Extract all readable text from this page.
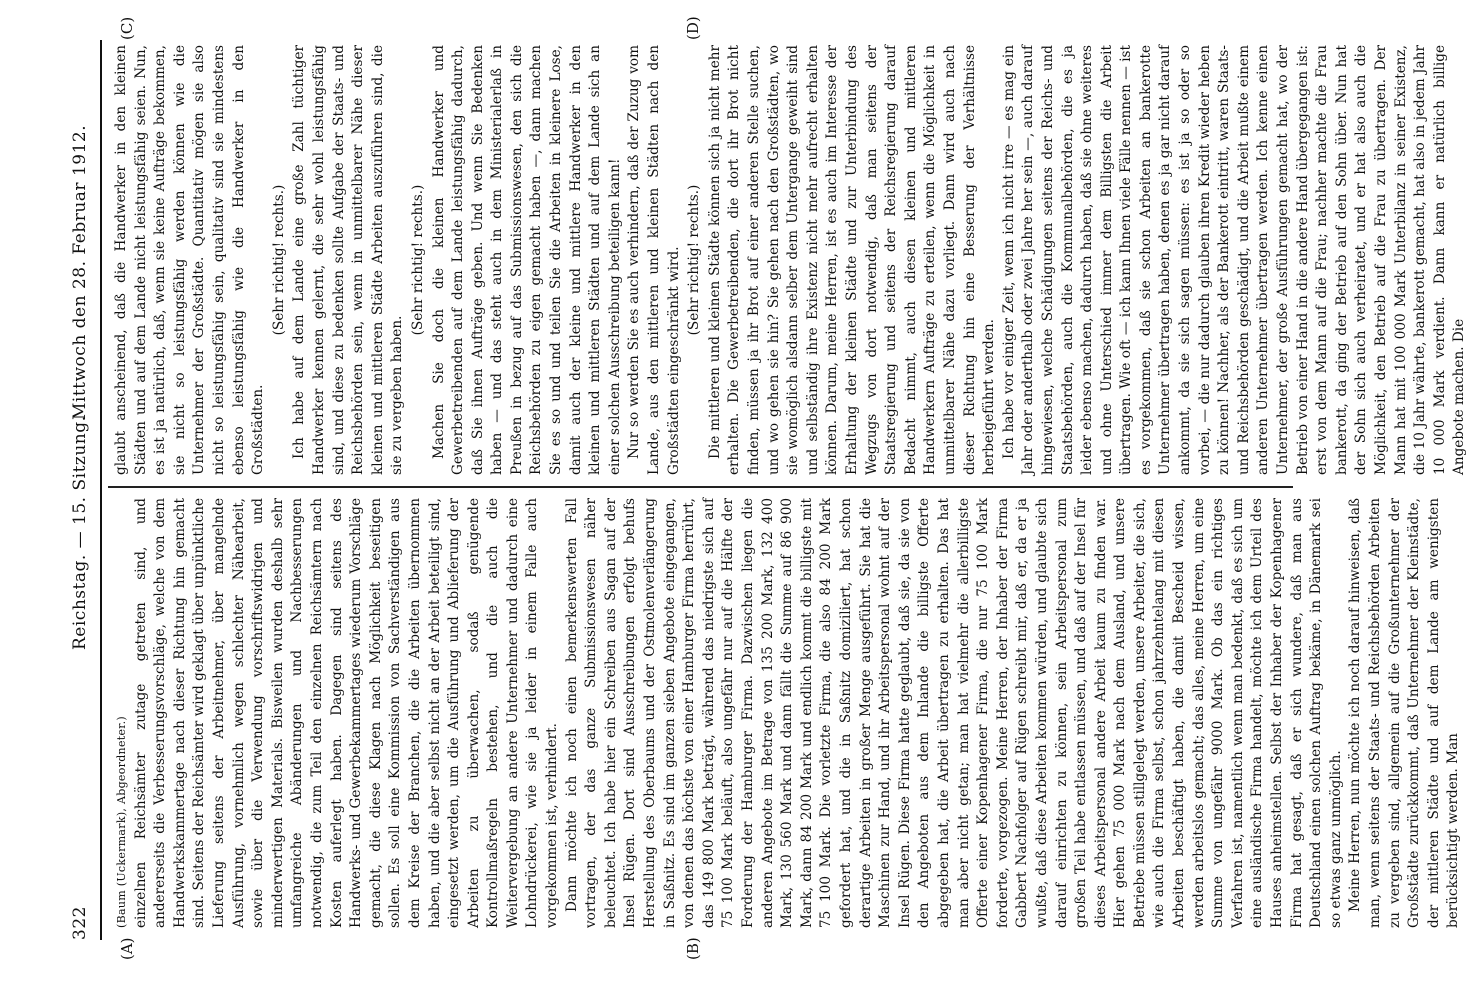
322
Reichstag. — 15. Sitzung.
Mittwoch den 28. Februar 1912.
(A)	(B)
(C)	(D)

(Baum (Uckermark), Abgeordneter.) einzelnen Reichsämter zutage getreten sind, und andererseits die Verbesserungsvorschläge, welche von dem Handwerkskammertage nach dieser Richtung hin gemacht sind. Seitens der Reichsämter wird geklagt über unpünktliche Lieferung seitens der Arbeitnehmer, über mangelnde Ausführung, vornehmlich wegen schlechter Nähearbeit, sowie über die Verwendung vorschriftswidrigen und minderwertigen Materials. Bisweilen wurden deshalb sehr umfangreiche Abänderungen und Nachbesserungen notwendig, die zum Teil den einzelnen Reichsämtern nach Kosten auferlegt haben. Dagegen sind seitens des Handwerks- und Gewerbekammertages wiederum Vorschläge gemacht, die diese Klagen nach Möglichkeit beseitigen sollen. Es soll eine Kommission von Sachverständigen aus dem Kreise der Branchen, die die Arbeiten übernommen haben, und die aber selbst nicht an der Arbeit beteiligt sind, eingesetzt werden, um die Ausführung und Ablieferung der Arbeiten zu überwachen, sodaß genügende Kontrollmaßregeln bestehen, und die auch die Weitervergebung an andere Unternehmer und dadurch eine Lohndrückerei, wie sie ja leider in einem Falle auch vorgekommen ist, verhindert. Dann möchte ich noch einen bemerkenswerten Fall vortragen, der das ganze Submissionswesen näher beleuchtet. Ich habe hier ein Schreiben aus Sagan auf der Insel Rügen. Dort sind Ausschreibungen erfolgt behufs Herstellung des Oberbaums und der Ostmolenverlängerung in Saßnitz. Es sind im ganzen sieben Angebote eingegangen, von denen das höchste von einer Hamburger Firma herrührt, das 149 800 Mark beträgt, während das niedrigste sich auf 75 100 Mark beläuft, also ungefähr nur auf die Hälfte der Forderung der Hamburger Firma. Dazwischen liegen die anderen Angebote im Betrage von 135 200 Mark, 132 400 Mark, 130 560 Mark und dann fällt die Summe auf 86 900 Mark, dann 84 200 Mark und endlich kommt die billigste mit 75 100 Mark. Die vorletzte Firma, die also 84 200 Mark gefordert hat, und die in Saßnitz domiziliert, hat schon derartige Arbeiten in großer Menge ausgeführt. Sie hat die Maschinen zur Hand, und ihr Arbeitspersonal wohnt auf der Insel Rügen. Diese Firma hatte geglaubt, daß sie, da sie von den Angeboten aus dem Inlande die billigste Offerte abgegeben hat, die Arbeit übertragen zu erhalten. Das hat man aber nicht getan; man hat vielmehr die allerbilligste Offerte einer Kopenhagener Firma, die nur 75 100 Mark forderte, vorgezogen. Meine Herren, der Inhaber der Firma Gabbert Nachfolger auf Rügen schreibt mir, daß er, da er ja wußte, daß diese Arbeiten kommen würden, und glaubte sich darauf einrichten zu können, sein Arbeitspersonal zum großen Teil habe entlassen müssen, und daß auf der Insel für dieses Arbeitspersonal andere Arbeit kaum zu finden war. Hier gehen 75 000 Mark nach dem Ausland, und unsere Betriebe müssen stillgelegt werden, unsere Arbeiter, die sich, wie auch die Firma selbst, schon jahrzehntelang mit diesen Arbeiten beschäftigt haben, die damit Bescheid wissen, werden arbeitslos gemacht; das alles, meine Herren, um eine Summe von ungefähr 9000 Mark. Ob das ein richtiges Verfahren ist, namentlich wenn man bedenkt, daß es sich um eine ausländische Firma handelt, möchte ich dem Urteil des Hauses anheimstellen. Selbst der Inhaber der Kopenhagener Firma hat gesagt, daß er sich wundere, daß man aus Deutschland einen solchen Auftrag bekäme, in Dänemark sei so etwas ganz unmöglich. Meine Herren, nun möchte ich noch darauf hinweisen, daß man, wenn seitens der Staats- und Reichsbehörden Arbeiten zu vergeben sind, allgemein auf die Großunternehmer der Großstädte zurückkommt, daß Unternehmer der Kleinstädte, der mittleren Städte und auf dem Lande am wenigsten berücksichtigt werden. Man

glaubt anscheinend, daß die Handwerker in den kleinen Städten und auf dem Lande nicht leistungsfähig seien. Nun, es ist ja natürlich, daß, wenn sie keine Aufträge bekommen, sie nicht so leistungsfähig werden können wie die Unternehmer der Großstädte. Quantitativ mögen sie also nicht so leistungsfähig sein, qualitativ sind sie mindestens ebenso leistungsfähig wie die Handwerker in den Großstädten.

(Sehr richtig! rechts.) Ich habe auf dem Lande eine große Zahl tüchtiger Handwerker kennen gelernt, die sehr wohl leistungsfähig sind, und diese zu bedenken sollte Aufgabe der Staats- und Reichsbehörden sein, wenn in unmittelbarer Nähe dieser kleinen und mittleren Städte Arbeiten auszuführen sind, die sie zu vergeben haben.

(Sehr richtig! rechts.) Machen Sie doch die kleinen Handwerker und Gewerbetreibenden auf dem Lande leistungsfähig dadurch, daß Sie ihnen Aufträge geben. Und wenn Sie Bedenken haben — und das steht auch in dem Ministerialerlaß in Preußen in bezug auf das Submissionswesen, den sich die Reichsbehörden zu eigen gemacht haben —, dann machen Sie es so und und teilen Sie die Arbeiten in kleinere Lose, damit auch der kleine und mittlere Handwerker in den kleinen und mittleren Städten und auf dem Lande sich an einer solchen Ausschreibung beteiligen kann! Nur so werden Sie es auch verhindern, daß der Zuzug vom Lande, aus den mittleren und kleinen Städten nach den Großstädten eingeschränkt wird. (Sehr richtig! rechts.) Die mittleren und kleinen Städte können sich ja nicht mehr erhalten. Die Gewerbetreibenden, die dort ihr Brot nicht finden, müssen ja ihr Brot auf einer anderen Stelle suchen, und wo gehen sie hin? Sie gehen nach den Großstädten, wo sie womöglich alsdann selber dem Untergange geweiht sind und selbständig ihre Existenz nicht mehr aufrecht erhalten können. Darum, meine Herren, ist es auch im Interesse der Erhaltung der kleinen Städte und zur Unterbindung des Wegzugs von dort notwendig, daß man seitens der Staatsregierung und seitens der Reichsregierung darauf Bedacht nimmt, auch diesen kleinen und mittleren Handwerkern Aufträge zu erteilen, wenn die Möglichkeit in unmittelbarer Nähe dazu vorliegt. Dann wird auch nach dieser Richtung hin eine Besserung der Verhältnisse herbeigeführt werden. Ich habe vor einiger Zeit, wenn ich nicht irre — es mag ein Jahr oder anderthalb oder zwei Jahre her sein —, auch darauf hingewiesen, welche Schädigungen seitens der Reichs- und Staatsbehörden, auch die Kommunalbehörden, die es ja leider ebenso machen, dadurch haben, daß sie ohne weiteres und ohne Unterschied immer dem Billigsten die Arbeit übertragen. Wie oft — ich kann Ihnen viele Fälle nennen — ist es vorgekommen, daß sie schon Arbeiten an bankerotte Unternehmer übertragen haben, denen es ja gar nicht darauf ankommt, da sie sich sagen müssen: es ist ja so oder so vorbei, — die nur dadurch glauben ihren Kredit wieder heben zu können! Nachher, als der Bankerott eintritt, waren Staats- und Reichsbehörden geschädigt, und die Arbeit mußte einem anderen Unternehmer übertragen werden. Ich kenne einen Unternehmer, der große Ausführungen gemacht hat, wo der Betrieb von einer Hand in die andere Hand übergegangen ist: erst von dem Mann auf die Frau; nachher machte die Frau bankerott, da ging der Betrieb auf den Sohn über. Nun hat der Sohn sich auch verheiratet, und er hat also auch die Möglichkeit, den Betrieb auf die Frau zu übertragen. Der Mann hat mit 100 000 Mark Unterbilanz in seiner Existenz, die 10 Jahr währte, bankerott gemacht, hat also in jedem Jahr 10 000 Mark verdient. Dann kann er natürlich billige Angebote machen. Die
